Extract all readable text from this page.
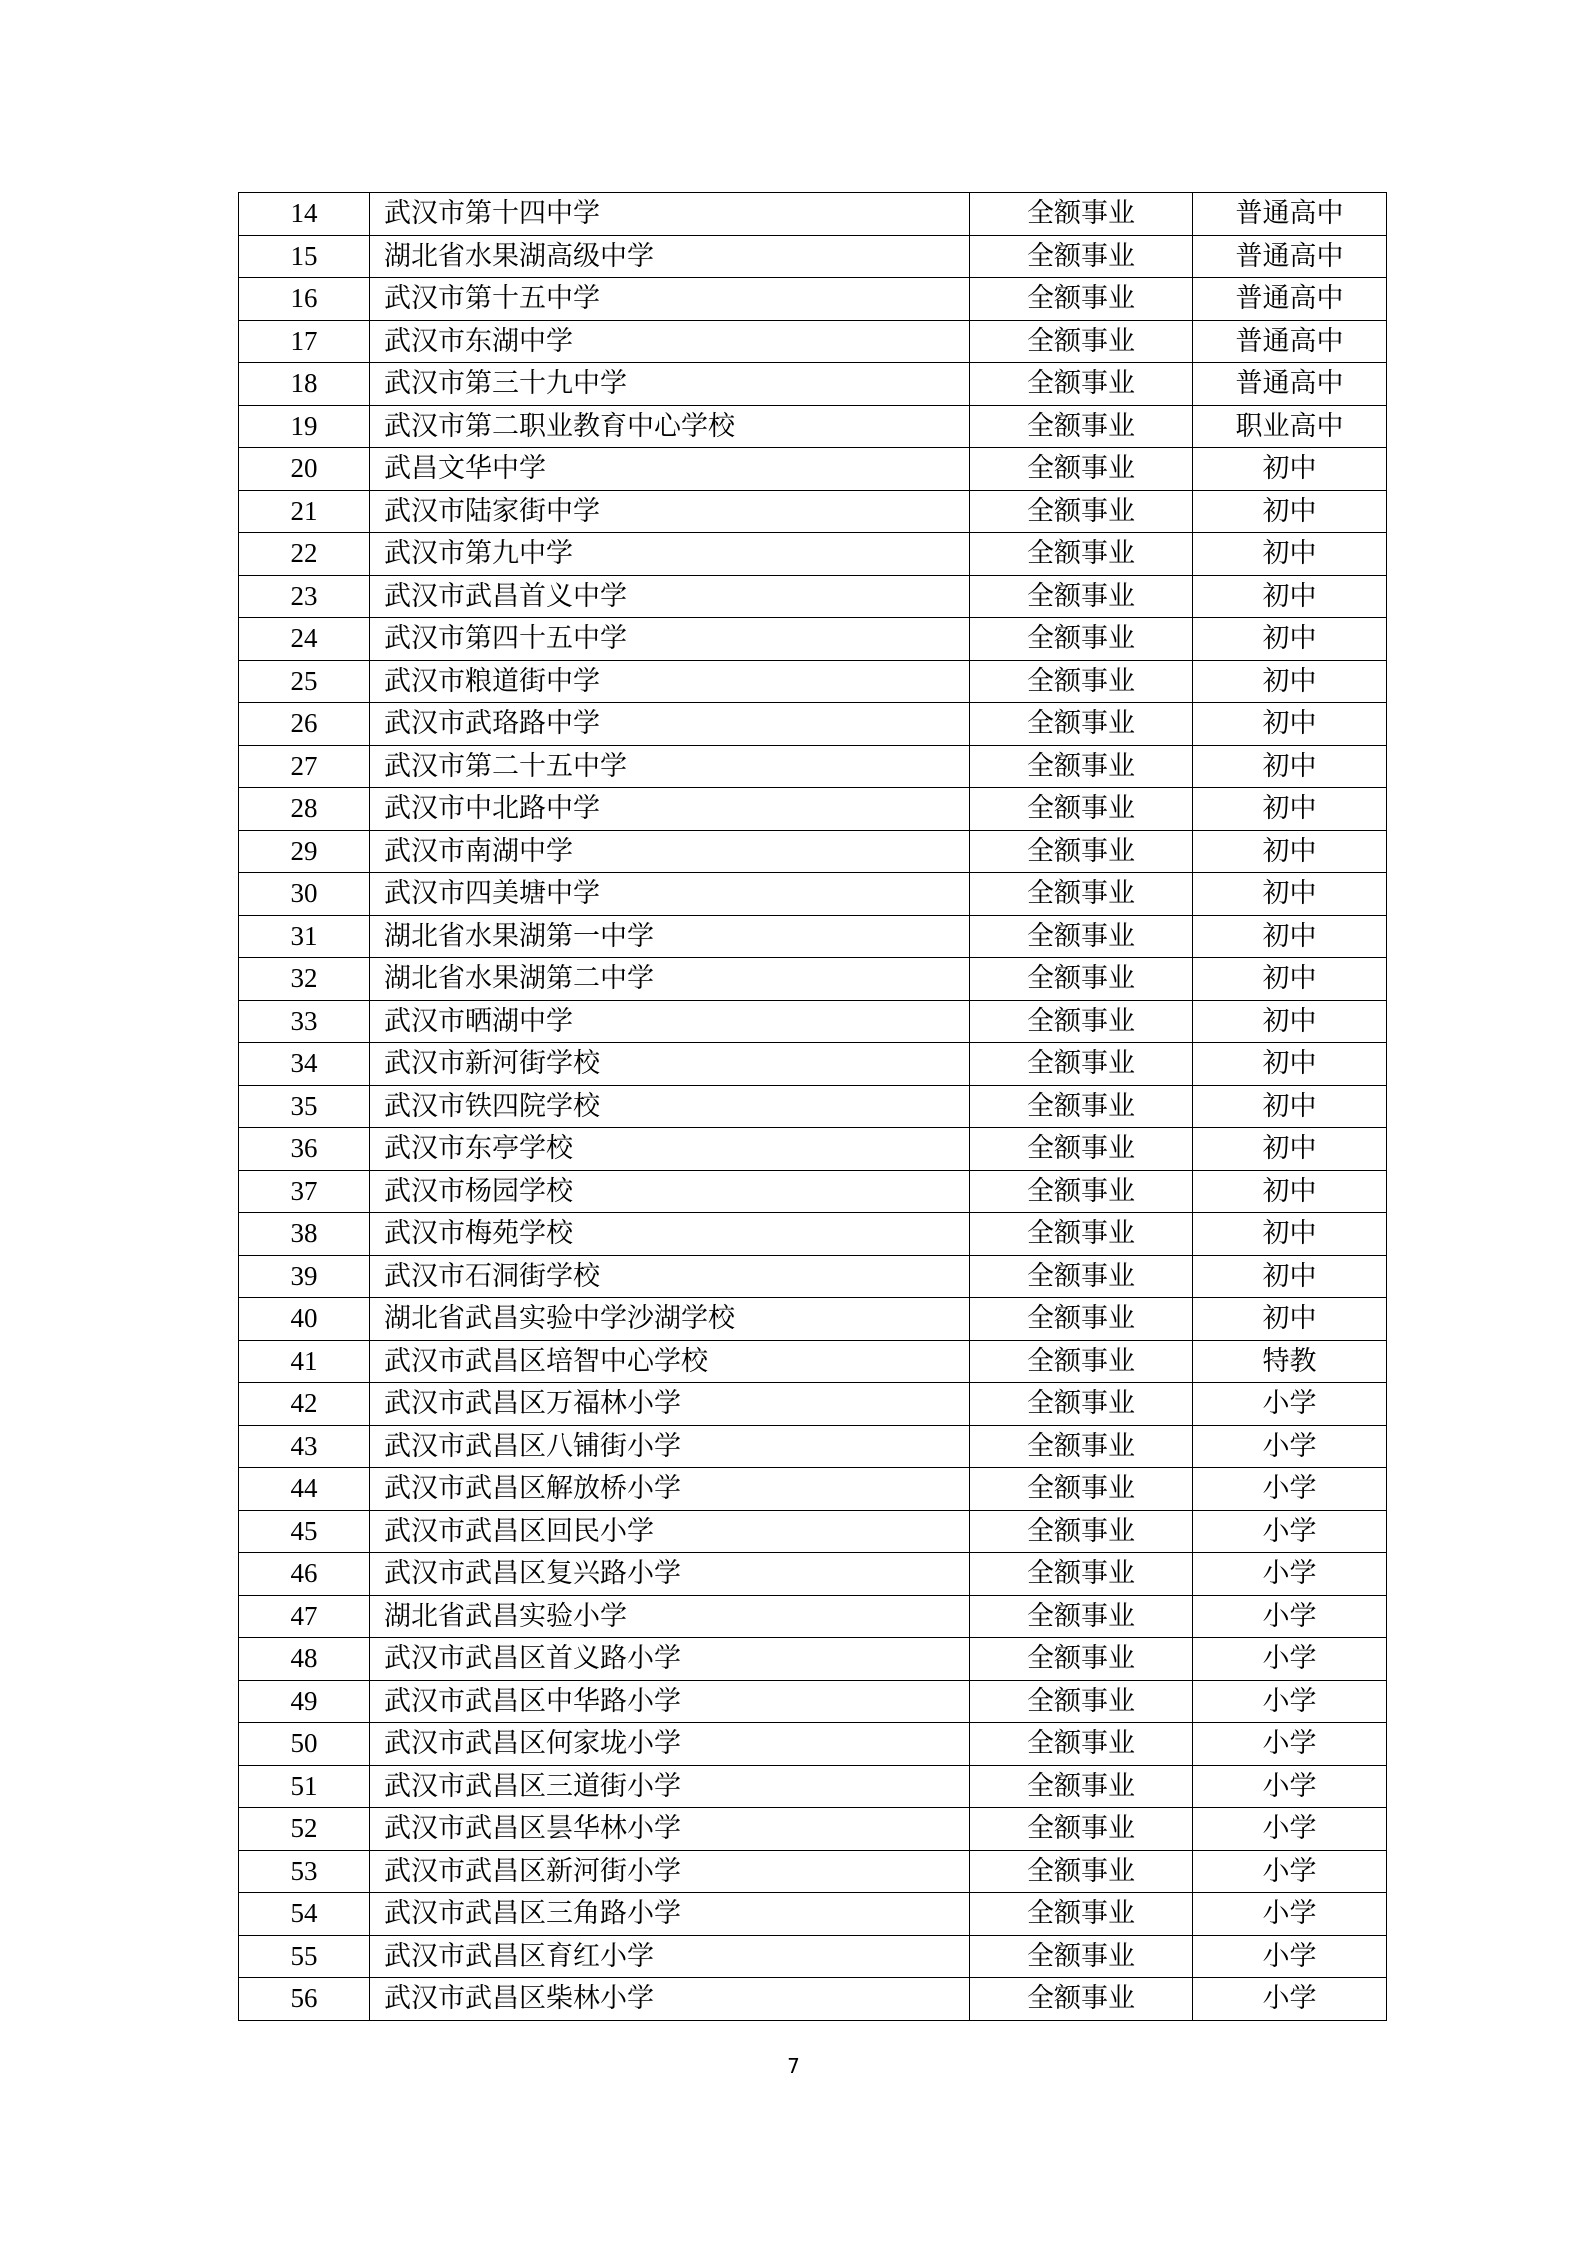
14	武汉市第十四中学	全额事业	普通高中
15	湖北省水果湖高级中学	全额事业	普通高中
16	武汉市第十五中学	全额事业	普通高中
17	武汉市东湖中学	全额事业	普通高中
18	武汉市第三十九中学	全额事业	普通高中
19	武汉市第二职业教育中心学校	全额事业	职业高中
20	武昌文华中学	全额事业	初中
21	武汉市陆家街中学	全额事业	初中
22	武汉市第九中学	全额事业	初中
23	武汉市武昌首义中学	全额事业	初中
24	武汉市第四十五中学	全额事业	初中
25	武汉市粮道街中学	全额事业	初中
26	武汉市武珞路中学	全额事业	初中
27	武汉市第二十五中学	全额事业	初中
28	武汉市中北路中学	全额事业	初中
29	武汉市南湖中学	全额事业	初中
30	武汉市四美塘中学	全额事业	初中
31	湖北省水果湖第一中学	全额事业	初中
32	湖北省水果湖第二中学	全额事业	初中
33	武汉市晒湖中学	全额事业	初中
34	武汉市新河街学校	全额事业	初中
35	武汉市铁四院学校	全额事业	初中
36	武汉市东亭学校	全额事业	初中
37	武汉市杨园学校	全额事业	初中
38	武汉市梅苑学校	全额事业	初中
39	武汉市石洞街学校	全额事业	初中
40	湖北省武昌实验中学沙湖学校	全额事业	初中
41	武汉市武昌区培智中心学校	全额事业	特教
42	武汉市武昌区万福林小学	全额事业	小学
43	武汉市武昌区八铺街小学	全额事业	小学
44	武汉市武昌区解放桥小学	全额事业	小学
45	武汉市武昌区回民小学	全额事业	小学
46	武汉市武昌区复兴路小学	全额事业	小学
47	湖北省武昌实验小学	全额事业	小学
48	武汉市武昌区首义路小学	全额事业	小学
49	武汉市武昌区中华路小学	全额事业	小学
50	武汉市武昌区何家垅小学	全额事业	小学
51	武汉市武昌区三道街小学	全额事业	小学
52	武汉市武昌区昙华林小学	全额事业	小学
53	武汉市武昌区新河街小学	全额事业	小学
54	武汉市武昌区三角路小学	全额事业	小学
55	武汉市武昌区育红小学	全额事业	小学
56	武汉市武昌区柴林小学	全额事业	小学
7
